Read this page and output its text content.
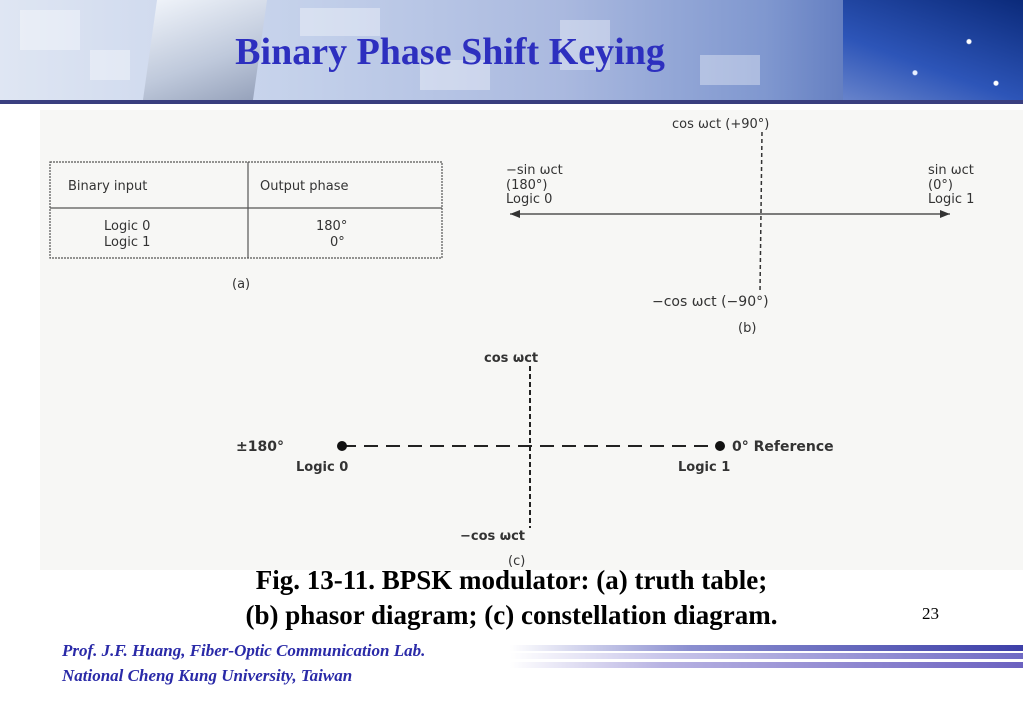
Binary Phase Shift Keying
Binary input	Output phase
Logic 0	180°
Logic 1	0°
(a)
cos ωct (+90°)
−sin ωct
(180°)
Logic 0
sin ωct
(0°)
Logic 1
−cos ωct (−90°)
(b)
cos ωct
±180°
Logic 0
0° Reference
Logic 1
−cos ωct
(c)
Fig. 13-11. BPSK modulator: (a) truth table;
(b) phasor diagram; (c) constellation diagram.	23
Prof. J.F. Huang, Fiber-Optic Communication Lab.
National Cheng Kung University, Taiwan
